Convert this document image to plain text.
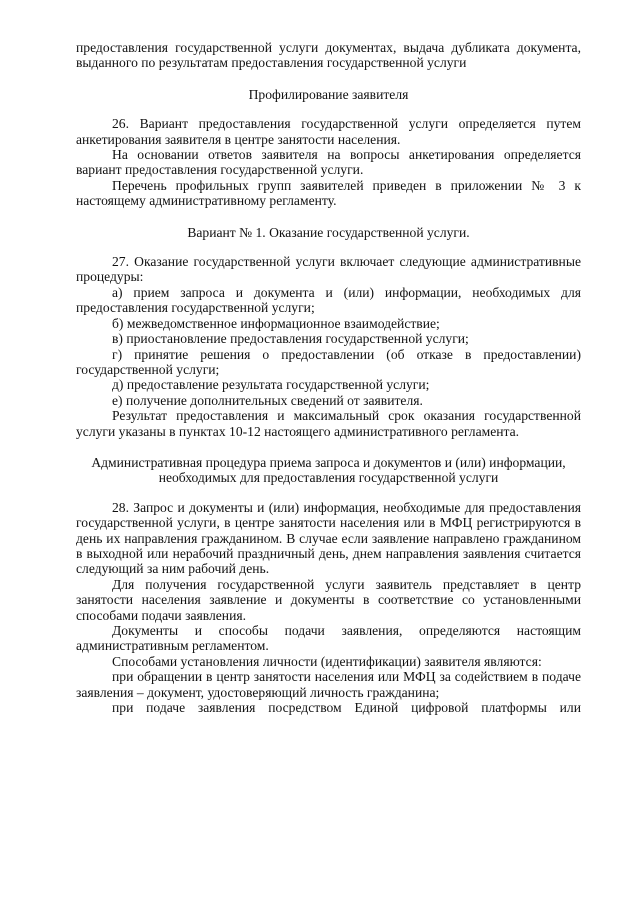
предоставления государственной услуги документах, выдача дубликата документа, выданного по результатам предоставления государственной услуги

Профилирование заявителя

26. Вариант предоставления государственной услуги определяется путем анкетирования заявителя в центре занятости населения.

На основании ответов заявителя на вопросы анкетирования определяется вариант предоставления государственной услуги.

Перечень профильных групп заявителей приведен в приложении № 3 к настоящему административному регламенту.

Вариант № 1. Оказание государственной услуги.

27. Оказание государственной услуги включает следующие административные процедуры:

а) прием запроса и документа и (или) информации, необходимых для предоставления государственной услуги;

б) межведомственное информационное взаимодействие;

в) приостановление предоставления государственной услуги;

г) принятие решения о предоставлении (об отказе в предоставлении) государственной услуги;

д) предоставление результата государственной услуги;

е) получение дополнительных сведений от заявителя.

Результат предоставления и максимальный срок оказания государственной услуги указаны в пунктах 10-12 настоящего административного регламента.

Административная процедура приема запроса и документов и (или) информации, необходимых для предоставления государственной услуги

28. Запрос и документы и (или) информация, необходимые для предоставления государственной услуги, в центре занятости населения или в МФЦ регистрируются в день их направления гражданином. В случае если заявление направлено гражданином в выходной или нерабочий праздничный день, днем направления заявления считается следующий за ним рабочий день.

Для получения государственной услуги заявитель представляет в центр занятости населения заявление и документы в соответствие со установленными способами подачи заявления.

Документы и способы подачи заявления, определяются настоящим административным регламентом.

Способами установления личности (идентификации) заявителя являются:

при обращении в центр занятости населения или МФЦ за содействием в подаче заявления – документ, удостоверяющий личность гражданина;

при подаче заявления посредством Единой цифровой платформы или
